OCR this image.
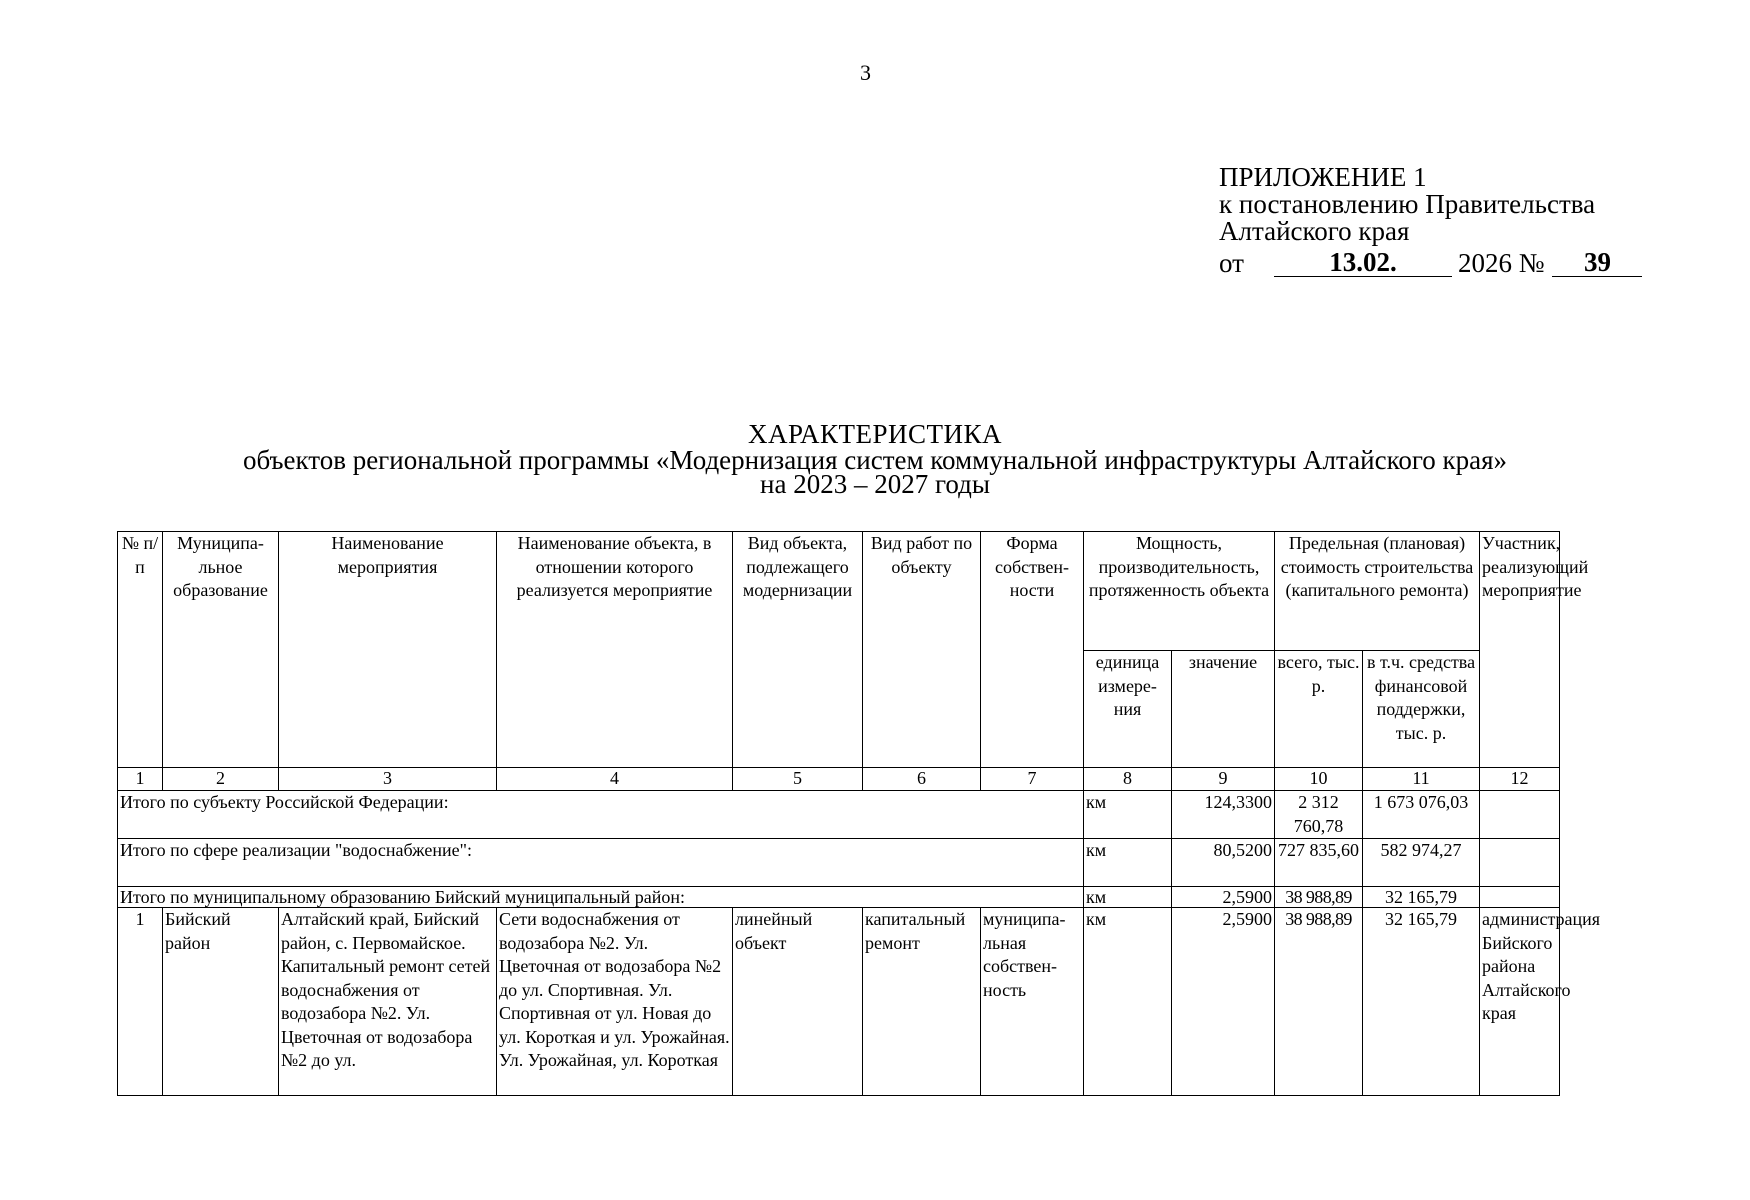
3
ПРИЛОЖЕНИЕ 1
к постановлению Правительства
Алтайского края
от	13.02.	2026 №	39
ХАРАКТЕРИСТИКА
объектов региональной программы «Модернизация систем коммунальной инфраструктуры Алтайского края»
на 2023 – 2027 годы
№ п/п	Муниципа-льное образование	Наименование мероприятия	Наименование объекта, в отношении которого реализуется мероприятие	Вид объекта, подлежащего модернизации	Вид работ по объекту	Форма собствен-ности	Мощность, производительность, протяженность объекта		Предельная (плановая) стоимость строительства (капитального ремонта)		Участник, реализующий мероприятие
							единица измере-ния	значение	всего, тыс. р.	в т.ч. средства финансовой поддержки, тыс. р.	
1	2	3	4	5	6	7	8	9	10	11	12
Итого по субъекту Российской Федерации:							км	124,3300	2 312 760,78	1 673 076,03	
Итого по сфере реализации "водоснабжение":							км	80,5200	727 835,60	582 974,27	
Итого по муниципальному образованию Бийский муниципальный район:							км	2,5900	38 988,89	32 165,79	
1	Бийский район	Алтайский край, Бийский район, с. Первомайское. Капитальный ремонт сетей водоснабжения от водозабора №2. Ул. Цветочная от водозабора №2 до ул.	Сети водоснабжения от водозабора №2. Ул. Цветочная от водозабора №2 до ул. Спортивная. Ул. Спортивная от ул. Новая до ул. Короткая и ул. Урожайная. Ул. Урожайная, ул. Короткая	линейный объект	капитальный ремонт	муниципа-льная собствен-ность	км	2,5900	38 988,89	32 165,79	администрация Бийского района Алтайского края
